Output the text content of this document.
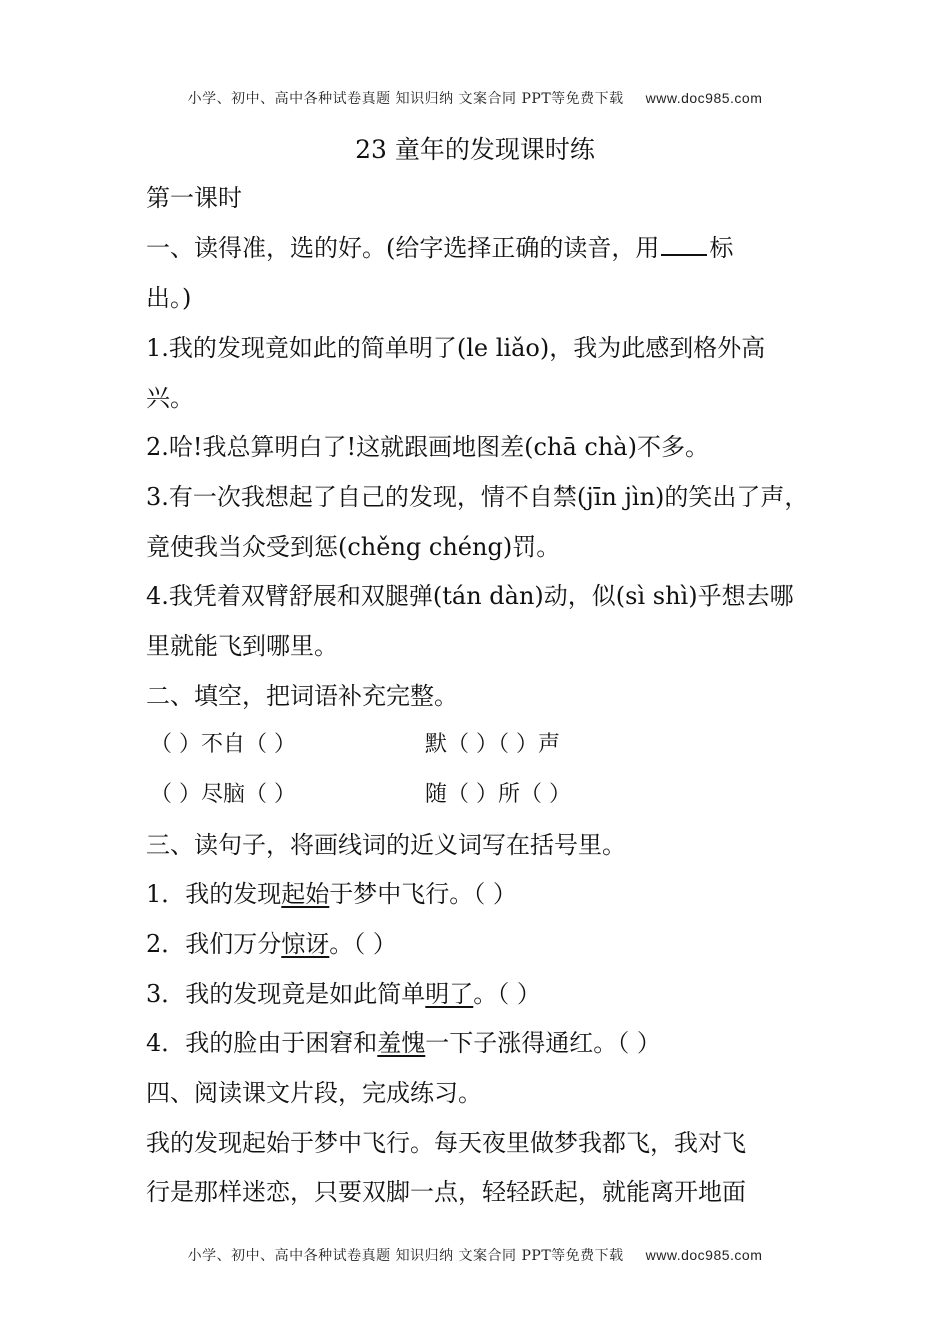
小学、初中、高中各种试卷真题 知识归纳 文案合同 PPT等免费下载 www.doc985.com
23 童年的发现课时练
第一课时
一、读得准，选的好。(给字选择正确的读音，用 标
出。)
1.我的发现竟如此的简单明了(le liǎo)，我为此感到格外高
兴。
2.哈!我总算明白了!这就跟画地图差(chā chà)不多。
3.有一次我想起了自己的发现，情不自禁(jīn jìn)的笑出了声，
竟使我当众受到惩(chěng chéng)罚。
4.我凭着双臂舒展和双腿弹(tán dàn)动，似(sì shì)乎想去哪
里就能飞到哪里。
二、填空，把词语补充完整。
（ ）不自（ ）	默（ ）（ ）声
（ ）尽脑（ ）	随（ ）所（ ）
三、读句子，将画线词的近义词写在括号里。
1．我的发现起始于梦中飞行。（ ）
2．我们万分惊讶。（ ）
3．我的发现竟是如此简单明了。（ ）
4．我的脸由于困窘和羞愧一下子涨得通红。（ ）
四、阅读课文片段，完成练习。
我的发现起始于梦中飞行。每天夜里做梦我都飞，我对飞
行是那样迷恋，只要双脚一点，轻轻跃起，就能离开地面
小学、初中、高中各种试卷真题 知识归纳 文案合同 PPT等免费下载 www.doc985.com
